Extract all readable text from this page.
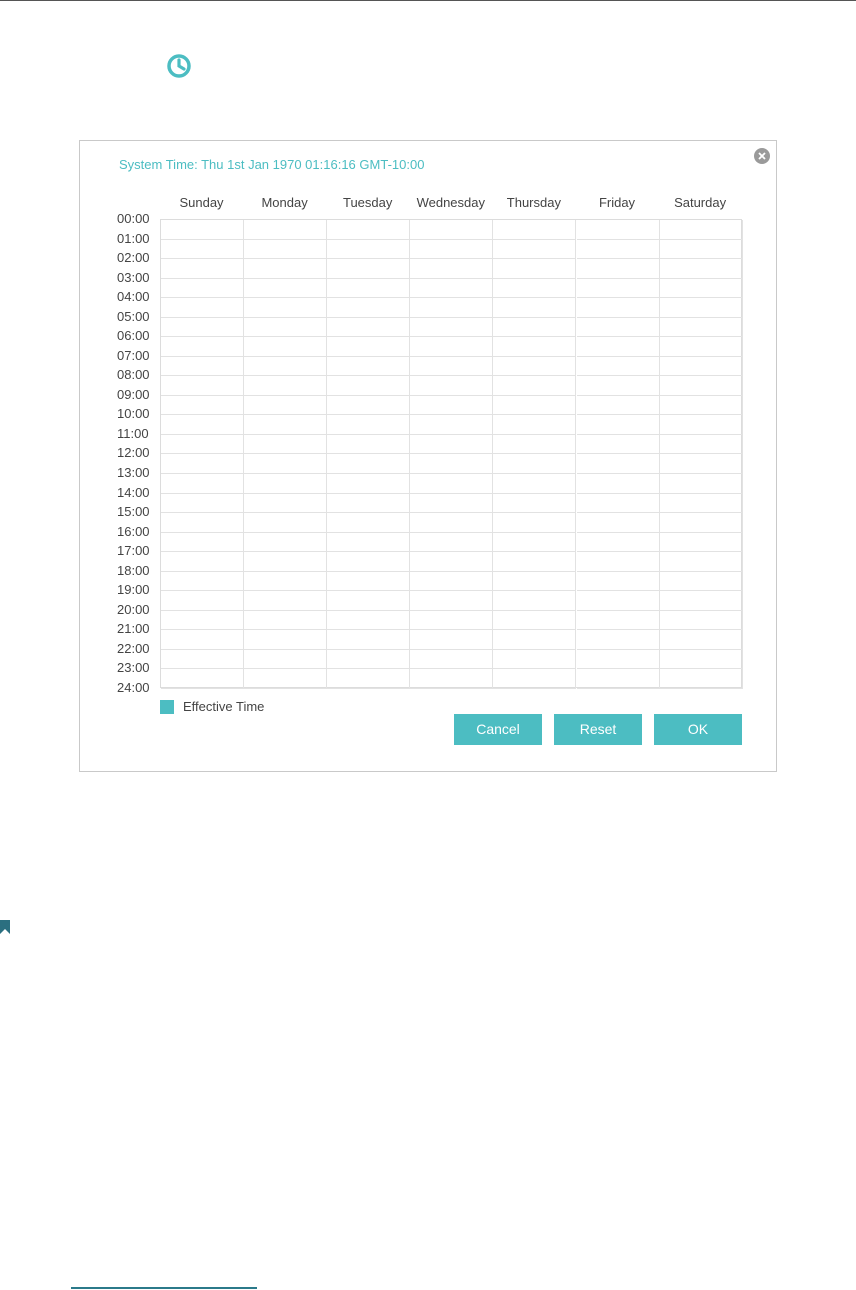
System Time: Thu 1st Jan 1970 01:16:16 GMT-10:00
Sunday	Monday	Tuesday	Wednesday	Thursday	Friday	Saturday
00:00
01:00
02:00
03:00
04:00
05:00
06:00
07:00
08:00
09:00
10:00
11:00
12:00
13:00
14:00
15:00
16:00
17:00
18:00
19:00
20:00
21:00
22:00
23:00
24:00
Effective Time
Cancel	Reset	OK
